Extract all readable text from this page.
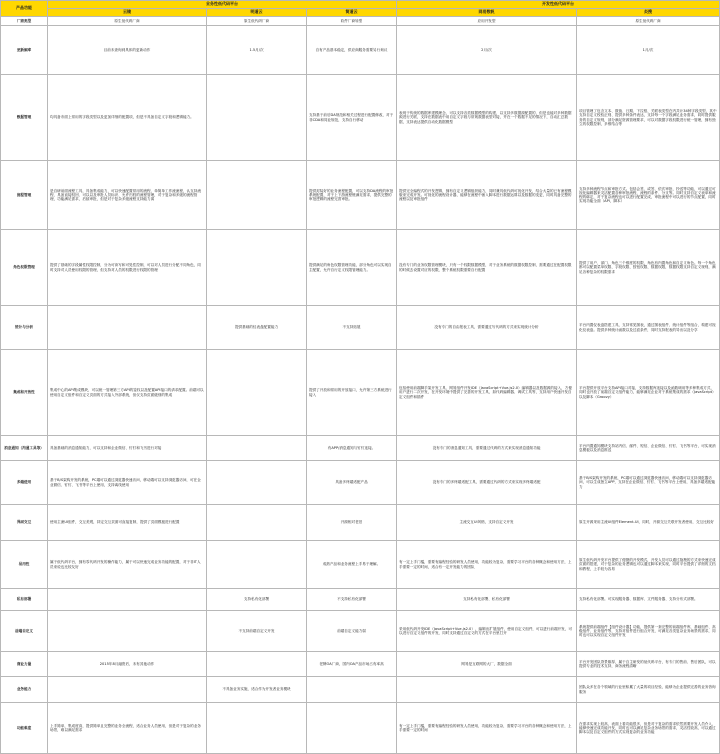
产品功能	业务性低代码平台			开发性低代码平台	
	云镜	明道云	简道云	网易数帆	炎搜
厂商类型	原生低代码厂商	原生低代码厂商	软件厂商转型	应用开发型	原生低代码厂商
更新频率	目前未查询到具体的更新动作	1.5月/次	自有产品基本稳定，供应商服务需要另行询议	2月/次	1月/次
数据管理	均具备市面上常用的字段类型以及更加详细的配置项，但是不具备自定义字段和逻辑能力。		支持基于前后DA规范和相关过程进行配置修改，对于非CDA和同业规范，支持自行移动	表现于传统的数据库建模理念，可以支持各类数据模型的构建，以支持多数据源配置的，但是也能对多种数据源进行关联，支持在数据表中用自定义字段与常规数据表型对接，并在一个数据不足的情况下，自动汇总数据，支持表达提供自动化数据模型	项目管理了包含文本、数值、日期、下拉框、关联表类型在内共计34种字段类型，其中支持自定义校验正则、提供多种条件表达，支持每一个字段满足业务需求，同时提供服务的自定义规则，部分满足资源管理要求，可以对数据字段权限进行统一管理，拥有独立的权限控制，多维结合等
流程管理	是自研前面流程工具，具备集成能力，可以快速配置常用的流程，单简单工作流流程，认支持流程、具备直接驳回、可以以及审批人员标识、允许归档的流程管理，对于复杂和多级的流程管理，功能满足需求，后续审批，但是对于复杂多级流程支持能力弱		提供封装好的业务流程配置，可以支持DA流程的审批系统配置，对于上下游流程链满足需求，提供完整的审批逻辑的流程完善审批。	提供完全编程式的开发逻辑，拥有自定义逻辑组织能力，同时兼具低代码可视化开发，结合大量的已有流程模版来完成开发。可视化的流程设计器，能够在流程中嵌入脚本进行数据运算以及数据的变更，同时具备完整的流程以及审批组件	支持多种流程节点和审批方式。包括会签、或签、依次审批、抄送等功能，可以通过可视化编辑器来灵活配置各种审批流程，流程的条件、分支等。同时支持自定义表单和流程的绑定，对于复杂流程也可以进行配置完成，审批流程中可以进行的节点配置，同时实现功能全面（API，脚本）
角色权限管理	提供了基础的字段属性权限控制，分为可读写和可见性控制，可以对人员进行分配不同角色，同时支持对人员使用权限的管理，但支持对人员的权限进行权限的管理		提供满足的角色权限管理功能，部分角色可以实现自主配置，允许自行定义权限管理能力。	没有专门的业务权限管理模块，只有一个权限数据模型，对于业务系统的数据权限控制，需要通过在配置权限的时候去设置对应的权限，整个系统权限需要自行配置	提供了用户、部门、角色三个维度的权限，角色有内置角色和自定义角色。每一个角色都可以配置菜单权限、字段权限、按钮权限、数据权限，数据权限支持自定义规则，满足各种复杂的权限需求
统计与分析		提供基础的仪表盘配置能力	不支持拓展	没有专门的自由报表工具，需要通过写代码的方式来实现统计分析	平台内置仪表盘搭建工具，支持常见图表，通过图表组件、统计组件等组合，构建可视化仪表盘。提供多种统计函数以及过滤条件，同时支持报表的导出以及分享
集成和开放性	集成中心的API集成模块，可以统一管理第三方API的鉴权以及配置API接口的请求配置。前端可以使用自定义组件和自定义页面的方式接入外部系统，但仅支持页面级别的集成		提供了开放和常用的开放接口，允许第三方系统进行接入	包括使用前端脚手架开发工具、网易组件开发IDE（JavaScript+Vue.js2.0）编辑器以及数据源的接入，方便用户进行二次开发，在开发环境中提供了完善的开发工具，如代码编辑器、调试工具等，支持用户快速开发自定义组件和插件	平台提供开放平台支持API接口对接，支持数据库连接以及函数调用等多种集成方式，同时也开放了前端自定义组件能力，能够满足企业对于系统集成的需求（JavaScript）以及脚本（Groovy）
消息通知（沟通工具等）	具备基础的消息通知能力，可以支持和企业微信、钉钉和飞书进行对接		有APP/消息通知与钉钉连接。	没有专门的消息通知工具，需要通过代码的方式来实现消息通知功能	平台内置通知模块支持站内信、邮件、短信、企业微信、钉钉、飞书等平台，可实现消息模板以及消息推送
多端使用	基于B/S架构开发的系统，PC端可以通过浏览器快速访问，移动端可以支持浏览器访问，可在企业微信、钉钉、飞书等平台上使用，支持离线使用		具备多终端适配产品	没有专门的多终端适配工具，需要通过代码的方式来实现多终端适配	基于B/S架构开发的系统，PC端可以通过浏览器快速访问，移动端可以支持浏览器访问，可以生成独立APP，支持在企业微信、钉钉、飞书等平台上使用，具备多端适配能力
界面交互	使用主流UI组件，交互美观，持定交互页面可直接复制，提供了页面模板进行配置		开源相对老旧	主流交互UI风格，支持自定义开发	原生开源采用主流UI组件Element-UI，同时，开源交互关联开发者使用，交互比较好
易用性	属于低代码平台，拥有零代码开发的操作能力，属于可以快速完成业务功能的配置，对于非IT人员来说也比较友好		成熟产品和业务流程上手易于理解。	有一定上手门槛，需要有编程经验的研发人员使用，功能较为复杂，需要学习平台的各种概念和使用方法，上手需要一定的时间，适合有一定开发能力的团队	原生低代码开发平台提供了便捷的开发模式，开发人员可以通过拖拽的方式来快速完成页面的搭建，对于复杂的业务逻辑也可以通过脚本来实现，同时平台提供了详细的文档和教程，上手较为容易
私有部署		支持私有化部署	不支持私有化部署	支持私有化部署、私有化部署	支持私有化部署。可实现服务器、数据库、文件服务器、支持分布式部署。
前端自定义		不支持前端自定义开发	前端自定义能力弱	采用低代码开发IDE（JavaScript+Vue.js2.0），编辑出扩展组件，使用自定义组件，可以进行前端开发，可以进行自定义组件的开发，同时支持通过自定义的方式在平台里打开	系统提供前端组件【组件设计器】功能，提供第一套完整的前端组件库，基础组件、高级组件、业务组件等，支持对组件进行组合开发，可满足各类复杂业务场景的需求，同时也可以实现自定义组件开发
商业力量	2015年8月融资后，未有其他动作		老牌OA厂商，国内OA产品市场占有率高	网易是互联网的大厂，数据全面	平台开发团队背景雄厚，属于自主研发的低代码平台，有专门的售前、售后团队，可以提供专业的技术支持，商务流程清晰
业务能力		不具备业务实施，适合作为开发者业务模块			团队众多在各个领域的行业里积累了大量的项目经验，能够为企业提供完善的业务咨询服务
功能难度	上手简单，集成度高，提供简单且完整的业务全流程，适合业务人员使用，但是对于复杂的业务场景，难以满足需求			有一定上手门槛，需要有编程经验的研发人员使用，功能较为复杂，需要学习平台的各种概念和使用方法，上手需要一定的时间	在需求实现上较高，表面上看功能很多，但是对于复杂的需求依然需要开发人员介入，能够快速完成功能开发，同时也可以满足复杂业务场景的需求，灵活性较高，可以通过脚本以及自定义组件的方式实现复杂的业务功能
